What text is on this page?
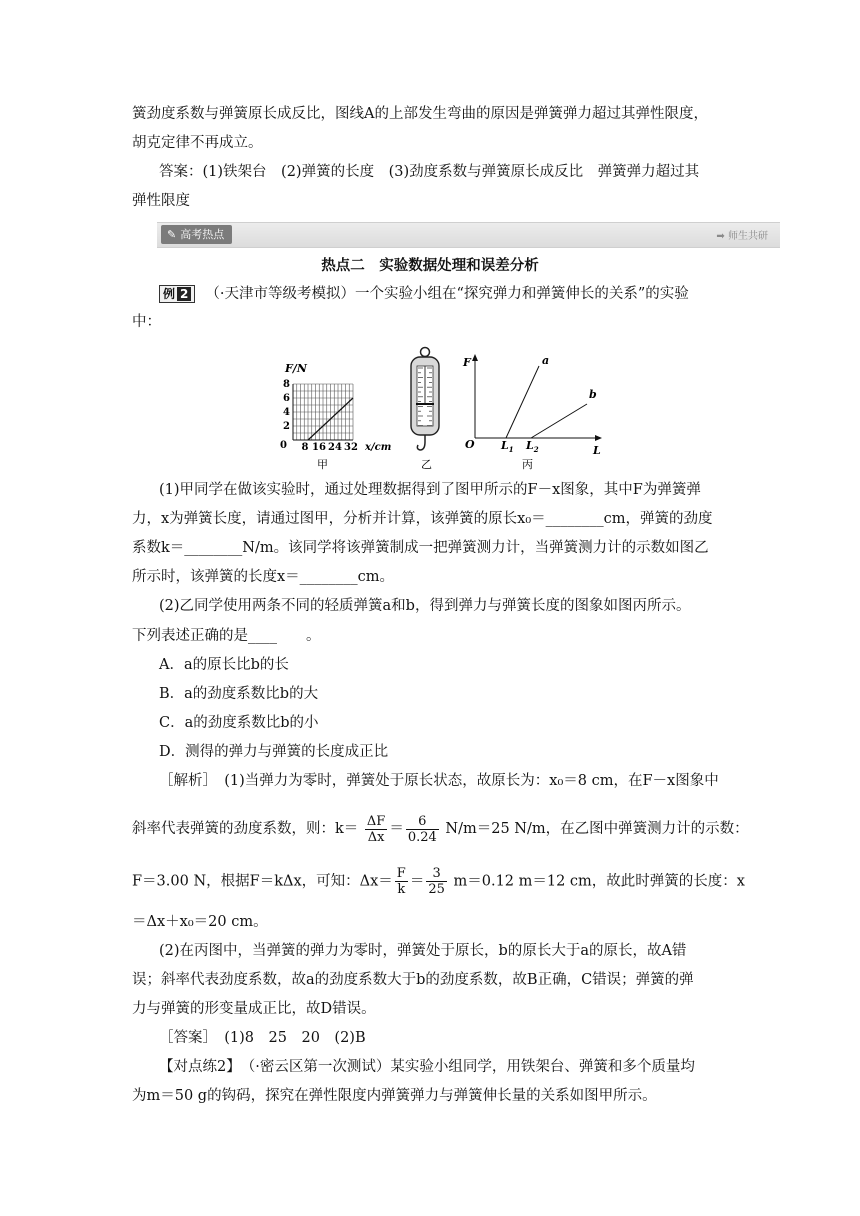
簧劲度系数与弹簧原长成反比，图线A的上部发生弯曲的原因是弹簧弹力超过其弹性限度，
胡克定律不再成立。
答案：(1)铁架台　(2)弹簧的长度　(3)劲度系数与弹簧原长成反比　弹簧弹力超过其
弹性限度
✎ 高考热点	➡ 师生共研
热点二　实验数据处理和误差分析
例 2 （·天津市等级考模拟）一个实验小组在“探究弹力和弹簧伸长的关系”的实验
中：
F/N
8
6
4
2
0 8 16 24 32 x/cm
甲	乙
F
L
O $L_1$ $L_2$
a
b
丙
(1)甲同学在做该实验时，通过处理数据得到了图甲所示的F－x图象，其中F为弹簧弹
力，x为弹簧长度，请通过图甲，分析并计算，该弹簧的原长x₀＝________cm，弹簧的劲度
系数k＝________N/m。该同学将该弹簧制成一把弹簧测力计，当弹簧测力计的示数如图乙
所示时，该弹簧的长度x＝________cm。
(2)乙同学使用两条不同的轻质弹簧a和b，得到弹力与弹簧长度的图象如图丙所示。
下列表述正确的是____　　。
A．a的原长比b的长
B．a的劲度系数比b的大
C．a的劲度系数比b的小
D．测得的弹力与弹簧的长度成正比
［解析］　(1)当弹力为零时，弹簧处于原长状态，故原长为：x₀＝8 cm，在F－x图象中
斜率代表弹簧的劲度系数，则：$k= \frac{\Delta F}{\Delta x} = \frac{6}{0.24} N/m=25$ N/m，在乙图中弹簧测力计的示数：
F＝3.00 N，根据F＝kΔx，可知：$\Delta x= \frac{F}{k} = \frac{3}{25} m=0.12$ m＝12 cm，故此时弹簧的长度：x
＝Δx＋x₀＝20 cm。
(2)在丙图中，当弹簧的弹力为零时，弹簧处于原长，b的原长大于a的原长，故A错
误；斜率代表劲度系数，故a的劲度系数大于b的劲度系数，故B正确，C错误；弹簧的弹
力与弹簧的形变量成正比，故D错误。
［答案］　(1)8　25　20　(2)B
【对点练2】　（·密云区第一次测试）某实验小组同学，用铁架台、弹簧和多个质量均
为m＝50 g的钩码，探究在弹性限度内弹簧弹力与弹簧伸长量的关系如图甲所示。
